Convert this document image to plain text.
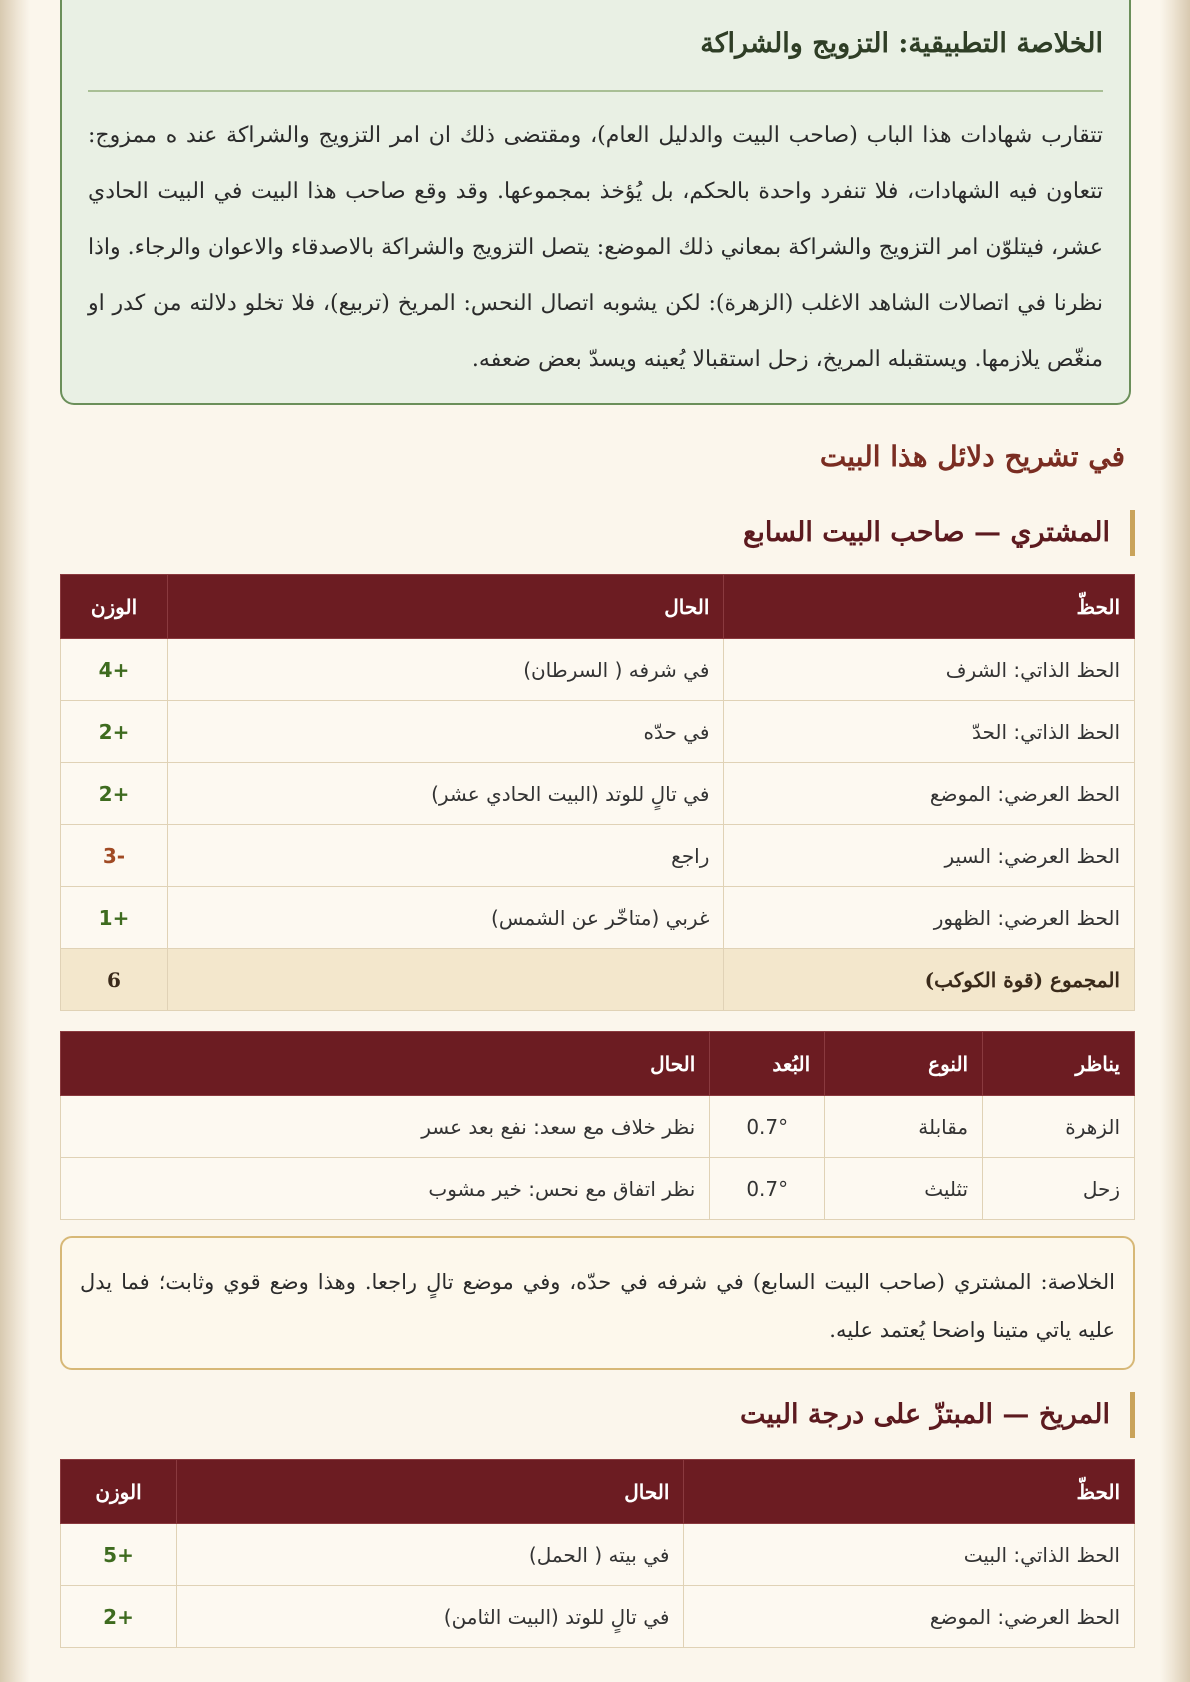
الخلاصة التطبيقية: التزويج والشراكة
تتقارب شهادات هذا الباب (صاحب البيت والدليل العام)، ومقتضى ذلك ان امر التزويج والشراكة عند ه ممزوج: تتعاون فيه الشهادات، فلا تنفرد واحدة بالحكم، بل يُؤخذ بمجموعها. وقد وقع صاحب هذا البيت في البيت الحادي عشر، فيتلوّن امر التزويج والشراكة بمعاني ذلك الموضع: يتصل التزويج والشراكة بالاصدقاء والاعوان والرجاء. واذا نظرنا في اتصالات الشاهد الاغلب (الزهرة): لكن يشوبه اتصال النحس: المريخ (تربيع)، فلا تخلو دلالته من كدر او منغّص يلازمها. ويستقبله المريخ، زحل استقبالا يُعينه ويسدّ بعض ضعفه.
في تشريح دلائل هذا البيت
المشتري — صاحب البيت السابع
الحظّ	الحال	الوزن
الحظ الذاتي: الشرف	في شرفه ( السرطان)	+4
الحظ الذاتي: الحدّ	في حدّه	+2
الحظ العرضي: الموضع	في تالٍ للوتد (البيت الحادي عشر)	+2
الحظ العرضي: السير	راجع	-3
الحظ العرضي: الظهور	غربي (متاخّر عن الشمس)	+1
المجموع (قوة الكوكب)		6
يناظر	النوع	البُعد	الحال
الزهرة	مقابلة	0.7°	نظر خلاف مع سعد: نفع بعد عسر
زحل	تثليث	0.7°	نظر اتفاق مع نحس: خير مشوب
الخلاصة: المشتري (صاحب البيت السابع) في شرفه في حدّه، وفي موضع تالٍ راجعا. وهذا وضع قوي وثابت؛ فما يدل عليه ياتي متينا واضحا يُعتمد عليه.
المريخ — المبتزّ على درجة البيت
الحظّ	الحال	الوزن
الحظ الذاتي: البيت	في بيته ( الحمل)	+5
الحظ العرضي: الموضع	في تالٍ للوتد (البيت الثامن)	+2
